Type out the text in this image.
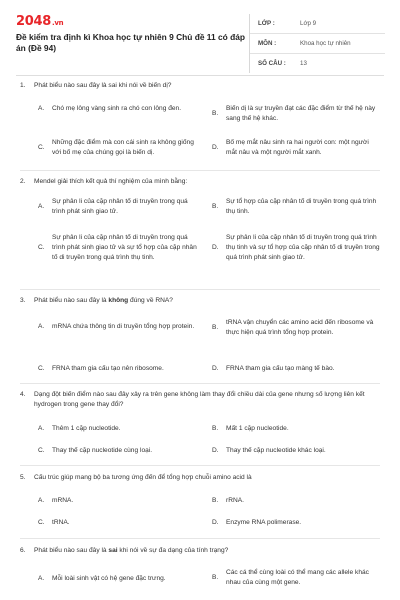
2048.vn
Đề kiểm tra định kì Khoa học tự nhiên 9 Chủ đề 11 có đáp án (Đề 94)
LỚP :	Lớp 9
MÔN :	Khoa học tự nhiên
SỐ CÂU :	13
1.	Phát biểu nào sau đây là sai khi nói về biến dị?
A.	Chó mẹ lông vàng sinh ra chó con lông đen.
B.
Biến dị là sự truyền đạt các đặc điểm từ thế hệ này sang thế hệ khác.
C.
Những đặc điểm mà con cái sinh ra không giống với bố mẹ của chúng gọi là biến dị.
D.
Bố mẹ mắt nâu sinh ra hai người con: một người mắt nâu và một người mắt xanh.
2.	Mendel giải thích kết quả thí nghiệm của mình bằng:
A.
Sự phân li của cặp nhân tố di truyền trong quá trình phát sinh giao tử.
B.
Sự tổ hợp của cặp nhân tố di truyền trong quá trình thụ tinh.
C.
Sự phân li của cặp nhân tố di truyền trong quá trình phát sinh giao tử và sự tổ hợp của cặp nhân tố di truyền trong quá trình thụ tinh.
D.
Sự phân li của cặp nhân tố di truyền trong quá trình thụ tinh và sự tổ hợp của cặp nhân tố di truyền trong quá trình phát sinh giao tử.
3.	Phát biểu nào sau đây là không đúng về RNA?
A.	mRNA chứa thông tin di truyền tổng hợp protein.	B.
tRNA vận chuyển các amino acid đến ribosome và thực hiện quá trình tổng hợp protein.
C.	FRNA tham gia cấu tạo nên ribosome.	D.	FRNA tham gia cấu tạo màng tế bào.
4.	Dạng đột biến điểm nào sau đây xảy ra trên gene không làm thay đổi chiều dài của gene nhưng số lượng liên kết hydrogen trong gene thay đổi?
A.	Thêm 1 cặp nucleotide.	B.	Mất 1 cặp nucleotide.
C.	Thay thế cặp nucleotide cùng loại.	D.	Thay thế cặp nucleotide khác loại.
5.	Cấu trúc giúp mang bộ ba tương ứng đến để tổng hợp chuỗi amino acid là
A.	mRNA.	B.	rRNA.
C.	tRNA.	D.	Enzyme RNA polimerase.
6.	Phát biểu nào sau đây là sai khi nói về sự đa dạng của tính trạng?
A.	Mỗi loài sinh vật có hệ gene đặc trưng.	B.
Các cá thể cùng loài có thể mang các allele khác nhau của cùng một gene.
